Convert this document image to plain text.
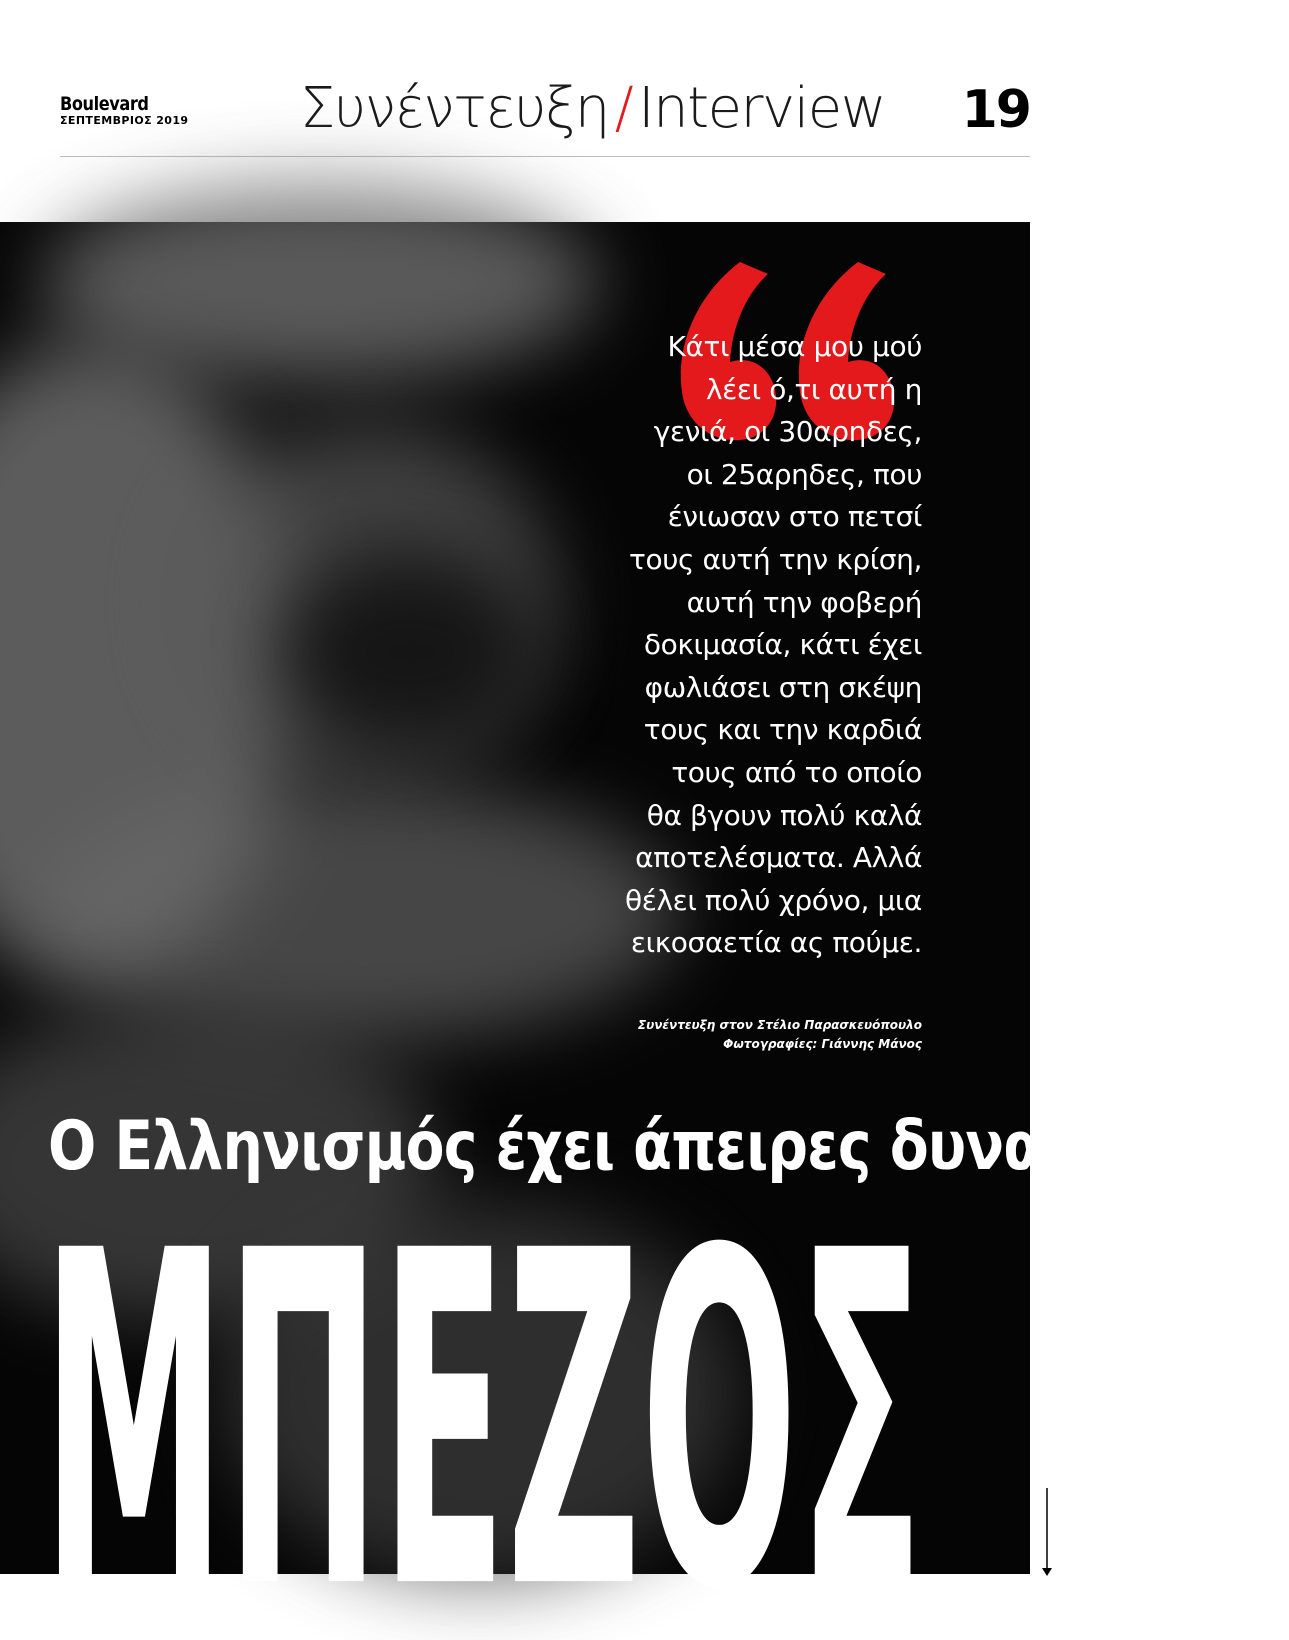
Boulevard
ΣΕΠΤΕΜΒΡΙΟΣ 2019	Συνέντευξη / Interview 19
Κάτι μέσα μου μού
λέει ό,τι αυτή η
γενιά, οι 30αρηδες,
οι 25αρηδες, που
ένιωσαν στο πετσί
τους αυτή την κρίση,
αυτή την φοβερή
δοκιμασία, κάτι έχει
φωλιάσει στη σκέψη
τους και την καρδιά
τους από το οποίο
θα βγουν πολύ καλά
αποτελέσματα. Αλλά
θέλει πολύ χρόνο, μια
εικοσαετία ας πούμε.
Συνέντευξη στον Στέλιο Παρασκευόπουλο
Φωτογραφίες: Γιάννης Μάνος
Ο Ελληνισμός έχει άπειρες δυνατότητες
ΜΠΕΖΟΣ
